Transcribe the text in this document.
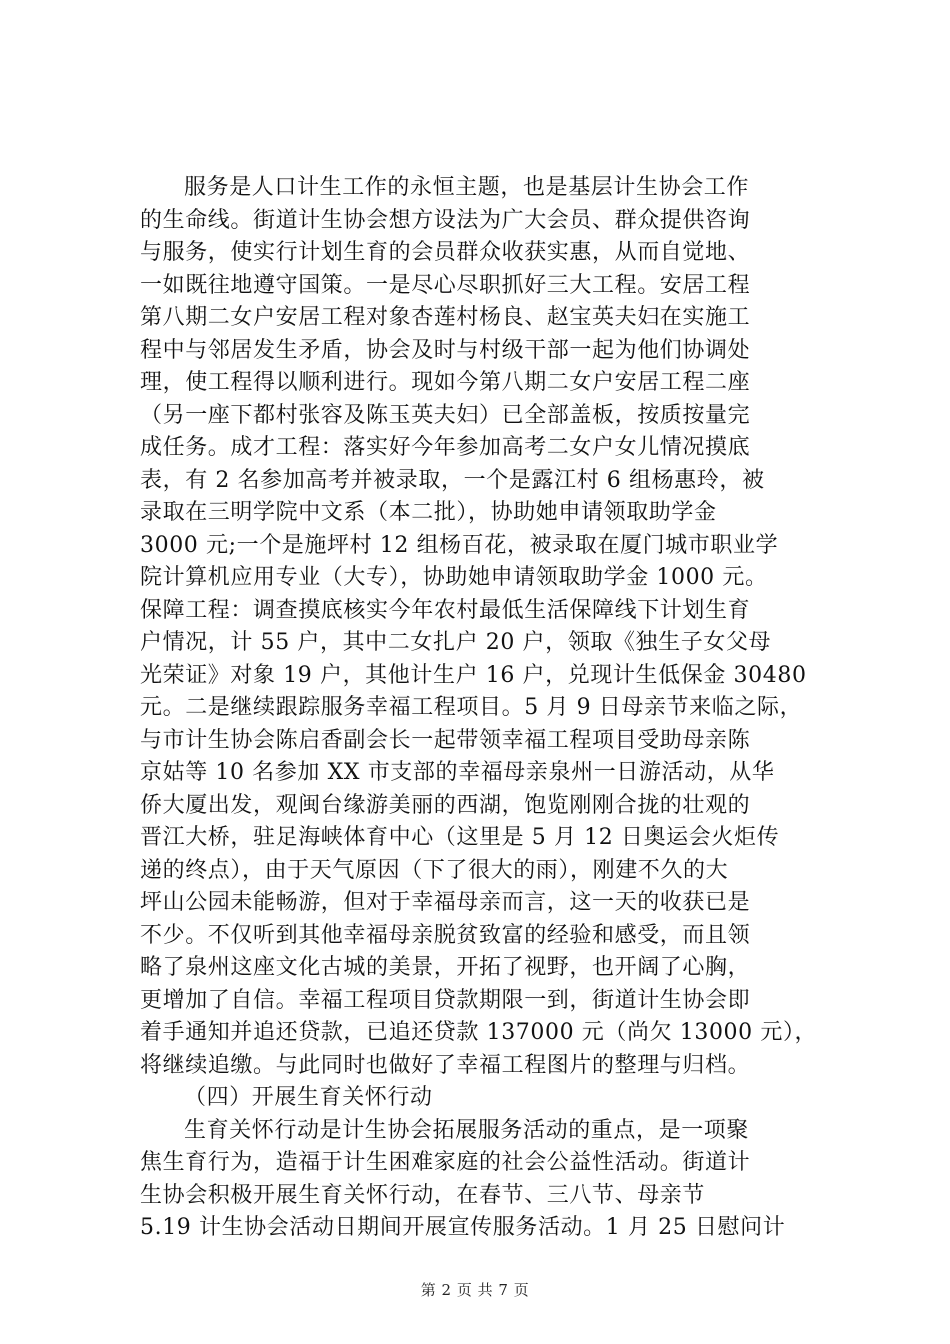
服务是人口计生工作的永恒主题，也是基层计生协会工作
的生命线。街道计生协会想方设法为广大会员、群众提供咨询
与服务，使实行计划生育的会员群众收获实惠，从而自觉地、
一如既往地遵守国策。一是尽心尽职抓好三大工程。安居工程
第八期二女户安居工程对象杏莲村杨良、赵宝英夫妇在实施工
程中与邻居发生矛盾，协会及时与村级干部一起为他们协调处
理，使工程得以顺利进行。现如今第八期二女户安居工程二座
（另一座下都村张容及陈玉英夫妇）已全部盖板，按质按量完
成任务。成才工程：落实好今年参加高考二女户女儿情况摸底
表，有 2 名参加高考并被录取，一个是露江村 6 组杨惠玲，被
录取在三明学院中文系（本二批），协助她申请领取助学金
3000 元;一个是施坪村 12 组杨百花，被录取在厦门城市职业学
院计算机应用专业（大专），协助她申请领取助学金 1000 元。
保障工程：调查摸底核实今年农村最低生活保障线下计划生育
户情况，计 55 户，其中二女扎户 20 户，领取《独生子女父母
光荣证》对象 19 户，其他计生户 16 户，兑现计生低保金 30480
元。二是继续跟踪服务幸福工程项目。5 月 9 日母亲节来临之际，
与市计生协会陈启香副会长一起带领幸福工程项目受助母亲陈
京姑等 10 名参加 XX 市支部的幸福母亲泉州一日游活动，从华
侨大厦出发，观闽台缘游美丽的西湖，饱览刚刚合拢的壮观的
晋江大桥，驻足海峡体育中心（这里是 5 月 12 日奥运会火炬传
递的终点），由于天气原因（下了很大的雨），刚建不久的大
坪山公园未能畅游，但对于幸福母亲而言，这一天的收获已是
不少。不仅听到其他幸福母亲脱贫致富的经验和感受，而且领
略了泉州这座文化古城的美景，开拓了视野，也开阔了心胸，
更增加了自信。幸福工程项目贷款期限一到，街道计生协会即
着手通知并追还贷款，已追还贷款 137000 元（尚欠 13000 元），
将继续追缴。与此同时也做好了幸福工程图片的整理与归档。
（四）开展生育关怀行动
生育关怀行动是计生协会拓展服务活动的重点，是一项聚
焦生育行为，造福于计生困难家庭的社会公益性活动。街道计
生协会积极开展生育关怀行动，在春节、三八节、母亲节
5.19 计生协会活动日期间开展宣传服务活动。1 月 25 日慰问计
第 2 页 共 7 页
